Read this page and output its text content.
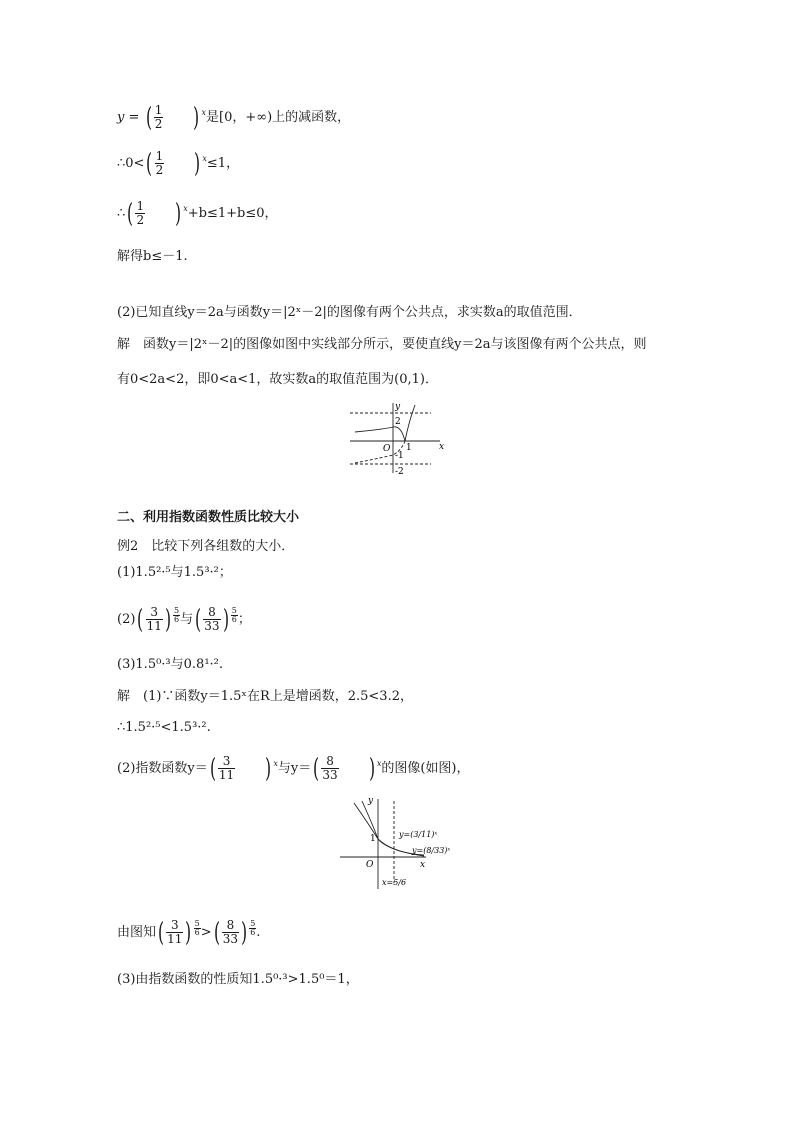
y = ( $\frac{1}{2}$ ) $^x$是[0，+∞)上的减函数，
∴0<( $\frac{1}{2}$ ) $^x$≤1，
∴( $\frac{1}{2}$ ) $^x$+b≤1+b≤0，
解得b≤－1.
(2)已知直线y＝2a与函数y＝|2ˣ－2|的图像有两个公共点，求实数a的取值范围．
解　函数y＝|2ˣ－2|的图像如图中实线部分所示，要使直线y＝2a与该图像有两个公共点，则
有0<2a<2，即0<a<1，故实数a的取值范围为(0,1)．
y
x
O
2
1
-1
-2
二、利用指数函数性质比较大小
例2　比较下列各组数的大小．
(1)1.5²·⁵与1.5³·²；
$(2)( \frac{3}{11}$ ) $^{\frac{5}{6}}$ 与( $\frac{8}{33}$ ) $^{\frac{5}{6}}$ ；
(3)1.5⁰·³与0.8¹·².
解　(1)∵函数y＝1.5ˣ在R上是增函数，2.5<3.2，
∴1.5²·⁵<1.5³·².
(2)指数函数$y=( \frac{3}{11}$ ) $^x$与$y=( \frac{8}{33}$ ) $^x$的图像(如图)，
y
x
O
1	y=(3/11)ˣ
y=(8/33)ˣ
x=5/6
由图知( $\frac{3}{11}$ ) $^{\frac{5}{6}}$ >( $\frac{8}{33}$ ) $^{\frac{5}{6}}$ .
(3)由指数函数的性质知1.5⁰·³>1.5⁰＝1，
